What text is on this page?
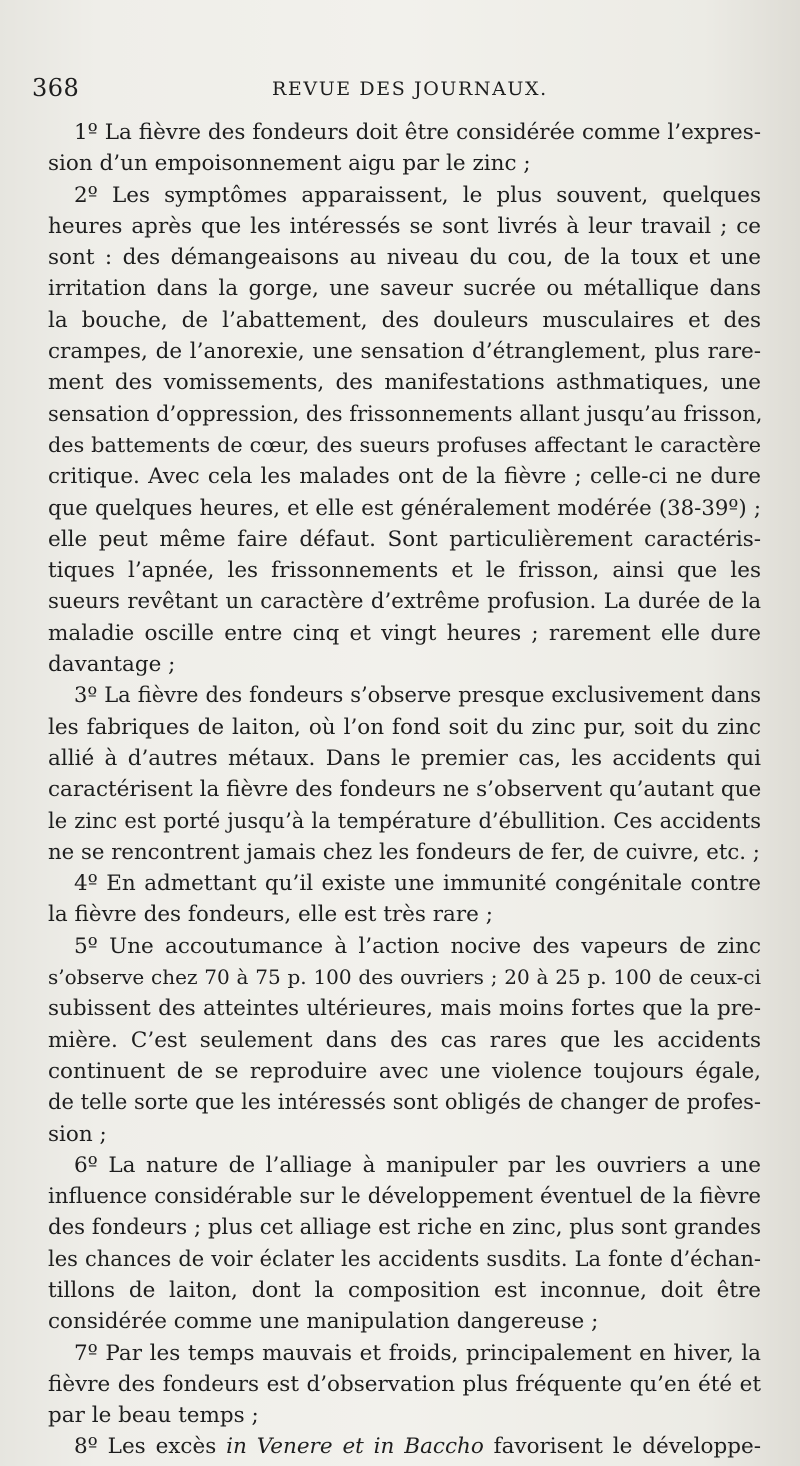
368	REVUE DES JOURNAUX.
1º La fièvre des fondeurs doit être considérée comme l’expres-
sion d’un empoisonnement aigu par le zinc ;
2º Les symptômes apparaissent, le plus souvent, quelques
heures après que les intéressés se sont livrés à leur travail ; ce
sont : des démangeaisons au niveau du cou, de la toux et une
irritation dans la gorge, une saveur sucrée ou métallique dans
la bouche, de l’abattement, des douleurs musculaires et des
crampes, de l’anorexie, une sensation d’étranglement, plus rare-
ment des vomissements, des manifestations asthmatiques, une
sensation d’oppression, des frissonnements allant jusqu’au frisson,
des battements de cœur, des sueurs profuses affectant le caractère
critique. Avec cela les malades ont de la fièvre ; celle-ci ne dure
que quelques heures, et elle est généralement modérée (38-39º) ;
elle peut même faire défaut. Sont particulièrement caractéris-
tiques l’apnée, les frissonnements et le frisson, ainsi que les
sueurs revêtant un caractère d’extrême profusion. La durée de la
maladie oscille entre cinq et vingt heures ; rarement elle dure
davantage ;
3º La fièvre des fondeurs s’observe presque exclusivement dans
les fabriques de laiton, où l’on fond soit du zinc pur, soit du zinc
allié à d’autres métaux. Dans le premier cas, les accidents qui
caractérisent la fièvre des fondeurs ne s’observent qu’autant que
le zinc est porté jusqu’à la température d’ébullition. Ces accidents
ne se rencontrent jamais chez les fondeurs de fer, de cuivre, etc. ;
4º En admettant qu’il existe une immunité congénitale contre
la fièvre des fondeurs, elle est très rare ;
5º Une accoutumance à l’action nocive des vapeurs de zinc
s’observe chez 70 à 75 p. 100 des ouvriers ; 20 à 25 p. 100 de ceux-ci
subissent des atteintes ultérieures, mais moins fortes que la pre-
mière. C’est seulement dans des cas rares que les accidents
continuent de se reproduire avec une violence toujours égale,
de telle sorte que les intéressés sont obligés de changer de profes-
sion ;
6º La nature de l’alliage à manipuler par les ouvriers a une
influence considérable sur le développement éventuel de la fièvre
des fondeurs ; plus cet alliage est riche en zinc, plus sont grandes
les chances de voir éclater les accidents susdits. La fonte d’échan-
tillons de laiton, dont la composition est inconnue, doit être
considérée comme une manipulation dangereuse ;
7º Par les temps mauvais et froids, principalement en hiver, la
fièvre des fondeurs est d’observation plus fréquente qu’en été et
par le beau temps ;
8º Les excès in Venere et in Baccho favorisent le développe-
